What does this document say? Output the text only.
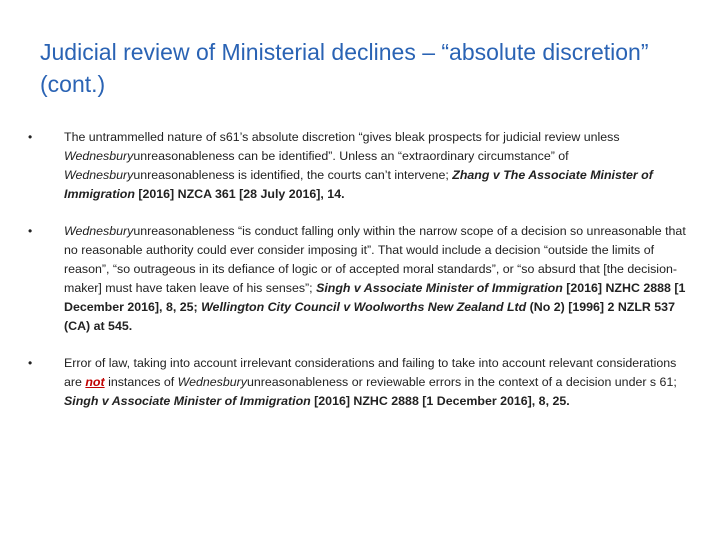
Judicial review of Ministerial declines – “absolute discretion” (cont.)
•	The untrammelled nature of s61’s absolute discretion “gives bleak prospects for judicial review unless Wednesburyunreasonableness can be identified”. Unless an “extraordinary circumstance” of Wednesburyunreasonableness is identified, the courts can’t intervene; Zhang v The Associate Minister of Immigration [2016] NZCA 361 [28 July 2016], 14.
•	Wednesburyunreasonableness “is conduct falling only within the narrow scope of a decision so unreasonable that no reasonable authority could ever consider imposing it”. That would include a decision “outside the limits of reason”, “so outrageous in its defiance of logic or of accepted moral standards”, or “so absurd that [the decision-maker] must have taken leave of his senses”; Singh v Associate Minister of Immigration [2016] NZHC 2888 [1 December 2016], 8, 25; Wellington City Council v Woolworths New Zealand Ltd (No 2) [1996] 2 NZLR 537 (CA) at 545.
•	Error of law, taking into account irrelevant considerations and failing to take into account relevant considerations are not instances of Wednesburyunreasonableness or reviewable errors in the context of a decision under s 61; Singh v Associate Minister of Immigration [2016] NZHC 2888 [1 December 2016], 8, 25.
